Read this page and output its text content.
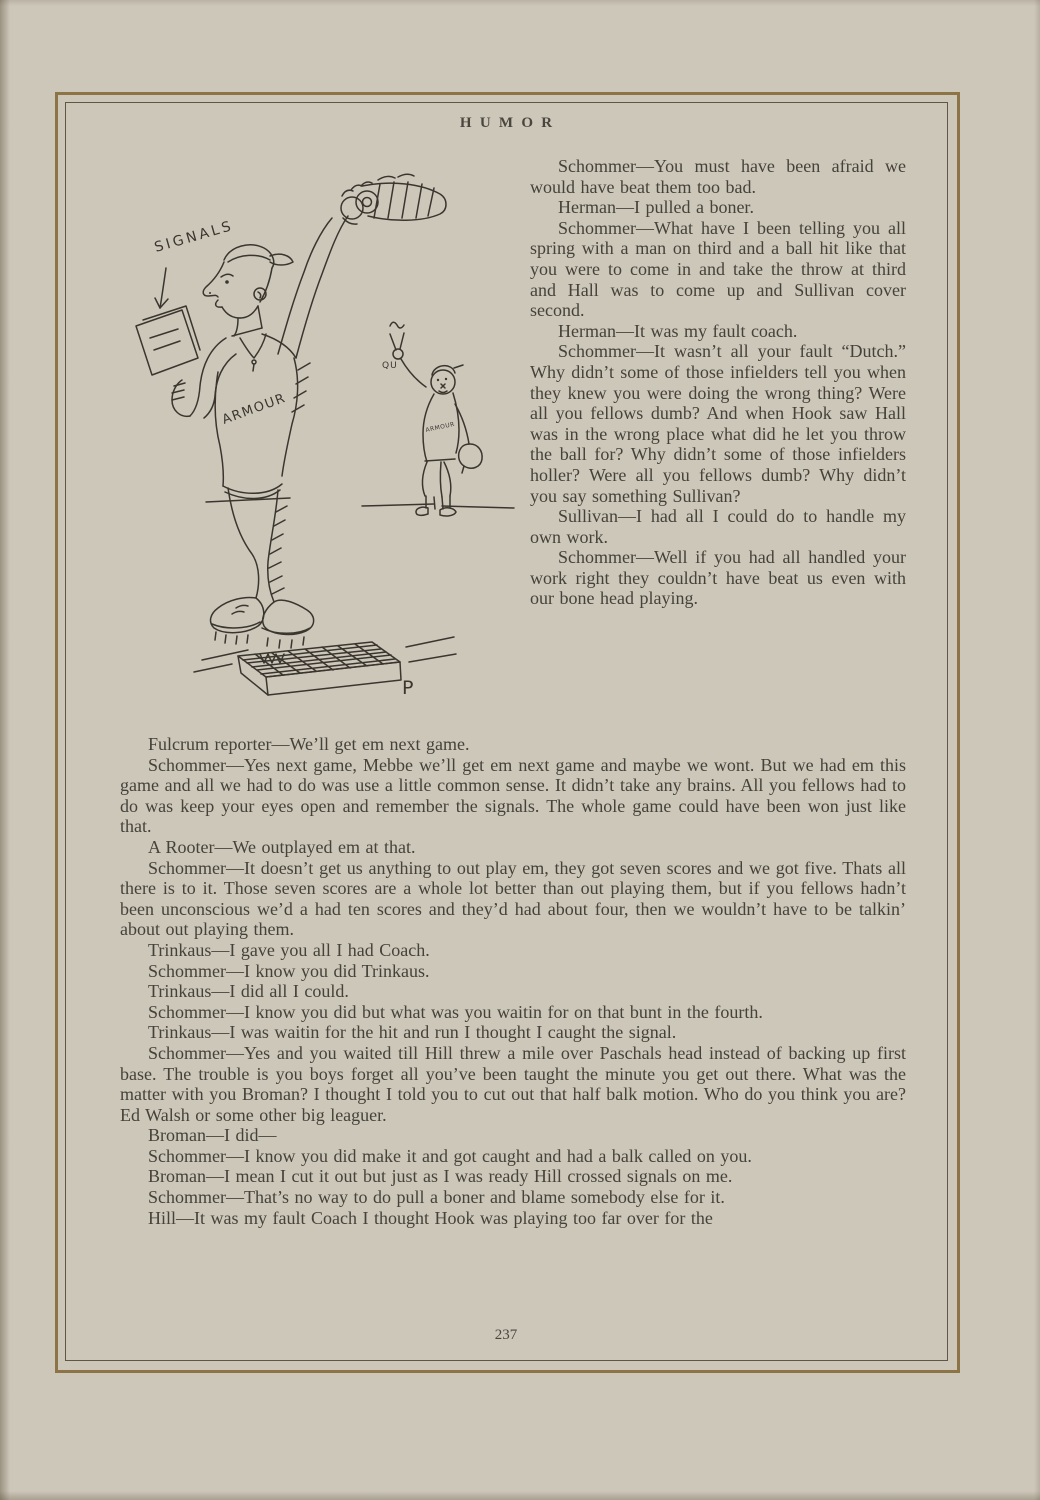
HUMOR
SIGNALS
ARMOUR
QU
ARMOUR
P

Schommer—You must have been afraid we would have beat them too bad.

Herman—I pulled a boner.

Schommer—What have I been telling you all spring with a man on third and a ball hit like that you were to come in and take the throw at third and Hall was to come up and Sullivan cover second.

Herman—It was my fault coach.

Schommer—It wasn’t all your fault “Dutch.” Why didn’t some of those infielders tell you when they knew you were doing the wrong thing? Were all you fellows dumb? And when Hook saw Hall was in the wrong place what did he let you throw the ball for? Why didn’t some of those infielders holler? Were all you fellows dumb? Why didn’t you say something Sullivan?

Sullivan—I had all I could do to handle my own work.

Schommer—Well if you had all handled your work right they couldn’t have beat us even with our bone head playing.

Fulcrum reporter—We’ll get em next game.

Schommer—Yes next game, Mebbe we’ll get em next game and maybe we wont. But we had em this game and all we had to do was use a little common sense. It didn’t take any brains. All you fellows had to do was keep your eyes open and remember the signals. The whole game could have been won just like that.

A Rooter—We outplayed em at that.

Schommer—It doesn’t get us anything to out play em, they got seven scores and we got five. Thats all there is to it. Those seven scores are a whole lot better than out playing them, but if you fellows hadn’t been unconscious we’d a had ten scores and they’d had about four, then we wouldn’t have to be talkin’ about out playing them.

Trinkaus—I gave you all I had Coach.

Schommer—I know you did Trinkaus.

Trinkaus—I did all I could.

Schommer—I know you did but what was you waitin for on that bunt in the fourth.

Trinkaus—I was waitin for the hit and run I thought I caught the signal.

Schommer—Yes and you waited till Hill threw a mile over Paschals head instead of backing up first base. The trouble is you boys forget all you’ve been taught the minute you get out there. What was the matter with you Broman? I thought I told you to cut out that half balk motion. Who do you think you are? Ed Walsh or some other big leaguer.

Broman—I did—

Schommer—I know you did make it and got caught and had a balk called on you.

Broman—I mean I cut it out but just as I was ready Hill crossed signals on me.

Schommer—That’s no way to do pull a boner and blame somebody else for it.

Hill—It was my fault Coach I thought Hook was playing too far over for the

237
